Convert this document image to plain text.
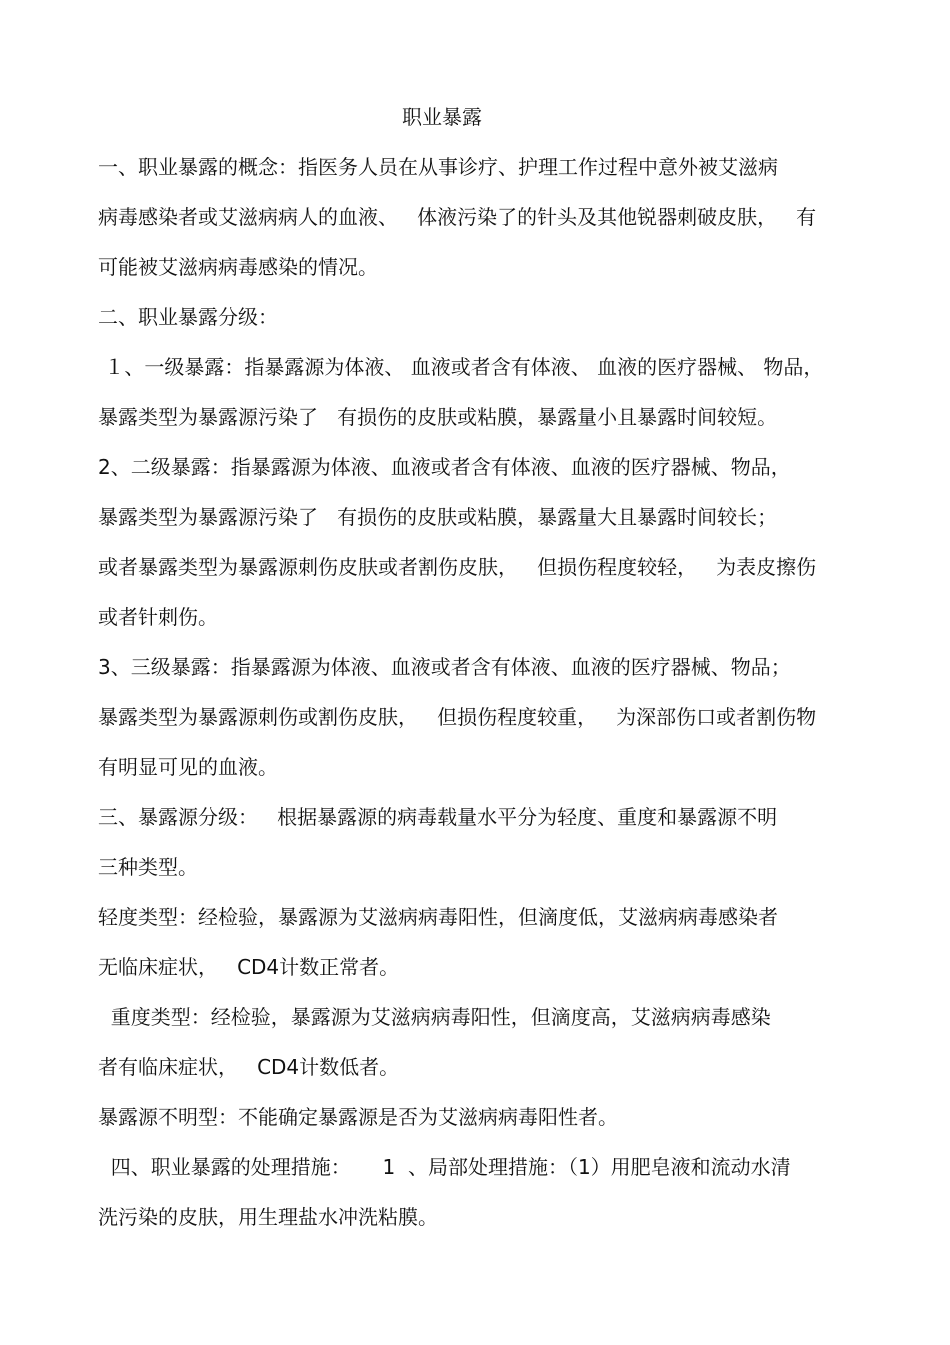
职业暴露
一、职业暴露的概念：指医务人员在从事诊疗、护理工作过程中意外被艾滋病
病毒感染者或艾滋病病人的血液、   体液污染了的针头及其他锐器刺破皮肤，   有
可能被艾滋病病毒感染的情况。
二、职业暴露分级：
１、一级暴露：指暴露源为体液、 血液或者含有体液、 血液的医疗器械、 物品，
暴露类型为暴露源污染了   有损伤的皮肤或粘膜，暴露量小且暴露时间较短。
2、二级暴露：指暴露源为体液、血液或者含有体液、血液的医疗器械、物品，
暴露类型为暴露源污染了   有损伤的皮肤或粘膜，暴露量大且暴露时间较长；
或者暴露类型为暴露源刺伤皮肤或者割伤皮肤，   但损伤程度较轻，   为表皮擦伤
或者针刺伤。
3、三级暴露：指暴露源为体液、血液或者含有体液、血液的医疗器械、物品；
暴露类型为暴露源刺伤或割伤皮肤，   但损伤程度较重，   为深部伤口或者割伤物
有明显可见的血液。
三、暴露源分级：   根据暴露源的病毒载量水平分为轻度、重度和暴露源不明
三种类型。
轻度类型：经检验，暴露源为艾滋病病毒阳性，但滴度低，艾滋病病毒感染者
无临床症状，   CD4计数正常者。
重度类型：经检验，暴露源为艾滋病病毒阳性，但滴度高，艾滋病病毒感染
者有临床症状，   CD4计数低者。
暴露源不明型：不能确定暴露源是否为艾滋病病毒阳性者。
四、职业暴露的处理措施：     1  、局部处理措施：（1）用肥皂液和流动水清
洗污染的皮肤，用生理盐水冲洗粘膜。
